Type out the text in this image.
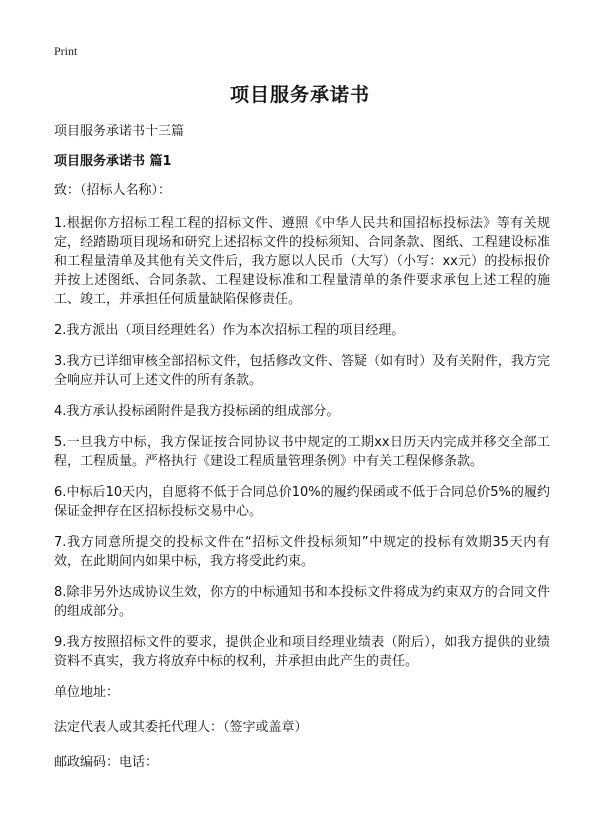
Print
项目服务承诺书
项目服务承诺书十三篇
项目服务承诺书 篇1

致：（招标人名称）：

1.根据你方招标工程工程的招标文件、遵照《中华人民共和国招标投标法》等有关规定，经踏勘项目现场和研究上述招标文件的投标须知、合同条款、图纸、工程建设标准和工程量清单及其他有关文件后，我方愿以人民币（大写）（小写：xx元）的投标报价并按上述图纸、合同条款、工程建设标准和工程量清单的条件要求承包上述工程的施工、竣工，并承担任何质量缺陷保修责任。

2.我方派出（项目经理姓名）作为本次招标工程的项目经理。

3.我方已详细审核全部招标文件，包括修改文件、答疑（如有时）及有关附件，我方完全响应并认可上述文件的所有条款。

4.我方承认投标函附件是我方投标函的组成部分。

5.一旦我方中标，我方保证按合同协议书中规定的工期xx日历天内完成并移交全部工程，工程质量。严格执行《建设工程质量管理条例》中有关工程保修条款。

6.中标后10天内，自愿将不低于合同总价10%的履约保函或不低于合同总价5%的履约保证金押存在区招标投标交易中心。

7.我方同意所提交的投标文件在“招标文件投标须知”中规定的投标有效期35天内有效，在此期间内如果中标，我方将受此约束。

8.除非另外达成协议生效，你方的中标通知书和本投标文件将成为约束双方的合同文件的组成部分。

9.我方按照招标文件的要求，提供企业和项目经理业绩表（附后），如我方提供的业绩资料不真实，我方将放弃中标的权利，并承担由此产生的责任。

单位地址：

法定代表人或其委托代理人：（签字或盖章）

邮政编码：电话：
